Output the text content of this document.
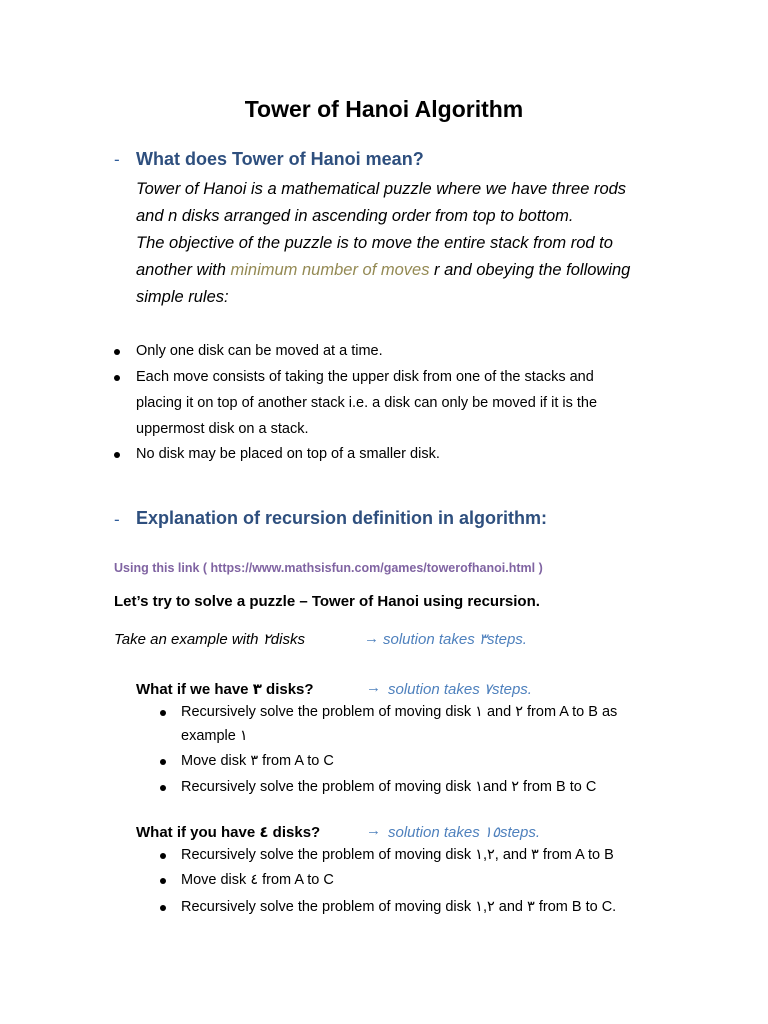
Tower of Hanoi Algorithm
- What does Tower of Hanoi mean?
Tower of Hanoi is a mathematical puzzle where we have three rods
and n disks arranged in ascending order from top to bottom.
The objective of the puzzle is to move the entire stack from rod to
another with minimum number of moves r and obeying the following
simple rules:
Only one disk can be moved at a time.
Each move consists of taking the upper disk from one of the stacks and
placing it on top of another stack i.e. a disk can only be moved if it is the
uppermost disk on a stack.
No disk may be placed on top of a smaller disk.
- Explanation of recursion definition in algorithm:
Using this link ( https://www.mathsisfun.com/games/towerofhanoi.html )
Let’s try to solve a puzzle – Tower of Hanoi using recursion.
Take an example with ٢disks	→ solution takes ٣steps.
What if we have ٣ disks?	→ solution takes ٧steps.
Recursively solve the problem of moving disk ١ and ٢ from A to B as
example ١
Move disk ٣ from A to C
Recursively solve the problem of moving disk ١and ٢ from B to C
What if you have ٤ disks?	→ solution takes ١٥steps.
Recursively solve the problem of moving disk ١,٢, and ٣ from A to B
Move disk ٤ from A to C
Recursively solve the problem of moving disk ١,٢ and ٣ from B to C.
